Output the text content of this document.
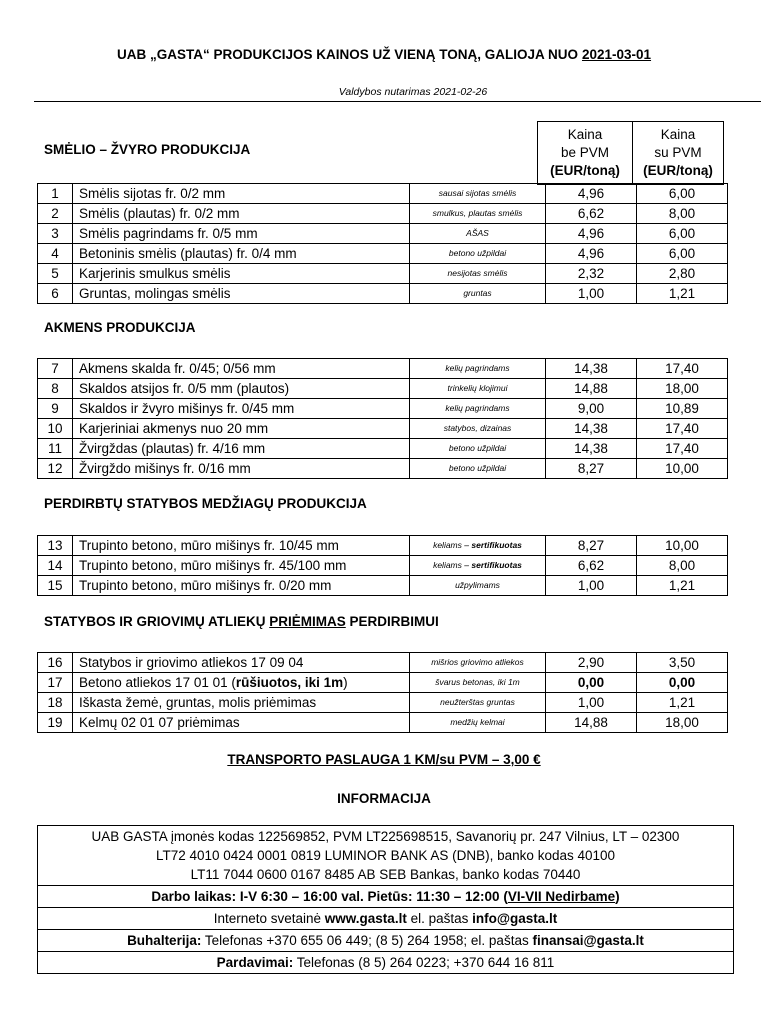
UAB „GASTA“ PRODUKCIJOS KAINOS UŽ VIENĄ TONĄ, GALIOJA NUO 2021-03-01
Valdybos nutarimas 2021-02-26
Kaina
be PVM
(EUR/toną)	Kaina
su PVM
(EUR/toną)
SMĖLIO – ŽVYRO PRODUKCIJA
1	Smėlis sijotas fr. 0/2 mm	sausai sijotas smėlis	4,96	6,00
2	Smėlis (plautas) fr. 0/2 mm	smulkus, plautas smėlis	6,62	8,00
3	Smėlis pagrindams fr. 0/5 mm	AŠAS	4,96	6,00
4	Betoninis smėlis (plautas) fr. 0/4 mm	betono užpildai	4,96	6,00
5	Karjerinis smulkus smėlis	nesijotas smėlis	2,32	2,80
6	Gruntas, molingas smėlis	gruntas	1,00	1,21
AKMENS PRODUKCIJA
7	Akmens skalda fr. 0/45; 0/56 mm	kelių pagrindams	14,38	17,40
8	Skaldos atsijos fr. 0/5 mm (plautos)	trinkelių klojimui	14,88	18,00
9	Skaldos ir žvyro mišinys fr. 0/45 mm	kelių pagrindams	9,00	10,89
10	Karjeriniai akmenys nuo 20 mm	statybos, dizainas	14,38	17,40
11	Žvirgždas (plautas) fr. 4/16 mm	betono užpildai	14,38	17,40
12	Žvirgždo mišinys fr. 0/16 mm	betono užpildai	8,27	10,00
PERDIRBTŲ STATYBOS MEDŽIAGŲ PRODUKCIJA
13	Trupinto betono, mūro mišinys fr. 10/45 mm	keliams – sertifikuotas	8,27	10,00
14	Trupinto betono, mūro mišinys fr. 45/100 mm	keliams – sertifikuotas	6,62	8,00
15	Trupinto betono, mūro mišinys fr. 0/20 mm	užpylimams	1,00	1,21
STATYBOS IR GRIOVIMŲ ATLIEKŲ PRIĖMIMAS PERDIRBIMUI
16	Statybos ir griovimo atliekos 17 09 04	mišrios griovimo atliekos	2,90	3,50
17	Betono atliekos 17 01 01 (rūšiuotos, iki 1m)	švarus betonas, iki 1m	0,00	0,00
18	Iškasta žemė, gruntas, molis priėmimas	neužterštas gruntas	1,00	1,21
19	Kelmų 02 01 07 priėmimas	medžių kelmai	14,88	18,00
TRANSPORTO PASLAUGA 1 KM/su PVM – 3,00 €
INFORMACIJA
UAB GASTA įmonės kodas 122569852, PVM LT225698515, Savanorių pr. 247 Vilnius, LT – 02300
LT72 4010 0424 0001 0819 LUMINOR BANK AS (DNB), banko kodas 40100
LT11 7044 0600 0167 8485 AB SEB Bankas, banko kodas 70440
Darbo laikas: I-V 6:30 – 16:00 val. Pietūs: 11:30 – 12:00 (VI-VII Nedirbame)
Interneto svetainė www.gasta.lt el. paštas info@gasta.lt
Buhalterija: Telefonas +370 655 06 449; (8 5) 264 1958; el. paštas finansai@gasta.lt
Pardavimai: Telefonas (8 5) 264 0223; +370 644 16 811
